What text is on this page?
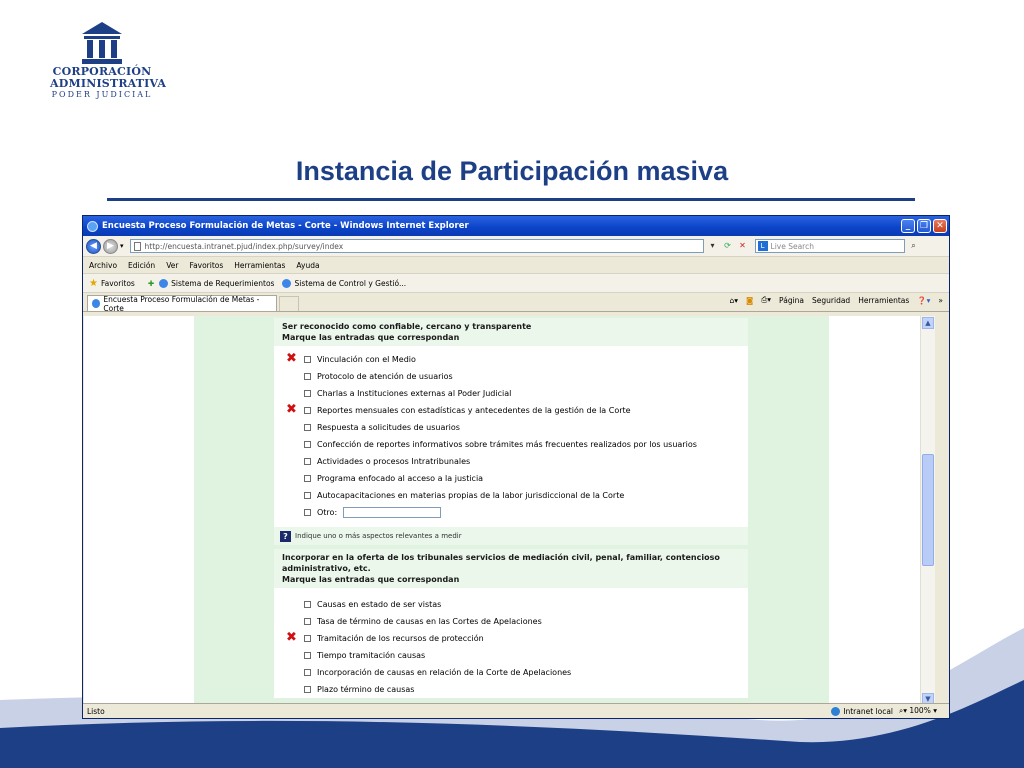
CORPORACIÓN
ADMINISTRATIVA
PODER JUDICIAL
Instancia de Participación masiva
Encuesta Proceso Formulación de Metas - Corte - Windows Internet Explorer	_	❐ ✕
◀	▶ ▾	http://encuesta.intranet.pjud/index.php/survey/index	▾	⟳	✕	L Live Search	⌕
Archivo Edición Ver Favoritos Herramientas Ayuda
★ Favoritos ✚ Sistema de Requerimientos	Sistema de Control y Gestió...
Encuesta Proceso Formulación de Metas - Corte
⌂▾ ◙ ⎙▾ Página Seguridad Herramientas ❓▾ »
Ser reconocido como confiable, cercano y transparente
Marque las entradas que correspondan
✖	Vinculación con el Medio
Protocolo de atención de usuarios
Charlas a Instituciones externas al Poder Judicial
✖	Reportes mensuales con estadísticas y antecedentes de la gestión de la Corte
Respuesta a solicitudes de usuarios
Confección de reportes informativos sobre trámites más frecuentes realizados por los usuarios
Actividades o procesos Intratribunales
Programa enfocado al acceso a la justicia
Autocapacitaciones en materias propias de la labor jurisdiccional de la Corte
Otro:
?	Indique uno o más aspectos relevantes a medir
Incorporar en la oferta de los tribunales servicios de mediación civil, penal, familiar, contencioso administrativo, etc.
Marque las entradas que correspondan
Causas en estado de ser vistas
Tasa de término de causas en las Cortes de Apelaciones
✖	Tramitación de los recursos de protección
Tiempo tramitación causas
Incorporación de causas en relación de la Corte de Apelaciones
Plazo término de causas
▲
▼
Listo	Intranet local ⌕▾ 100% ▾
